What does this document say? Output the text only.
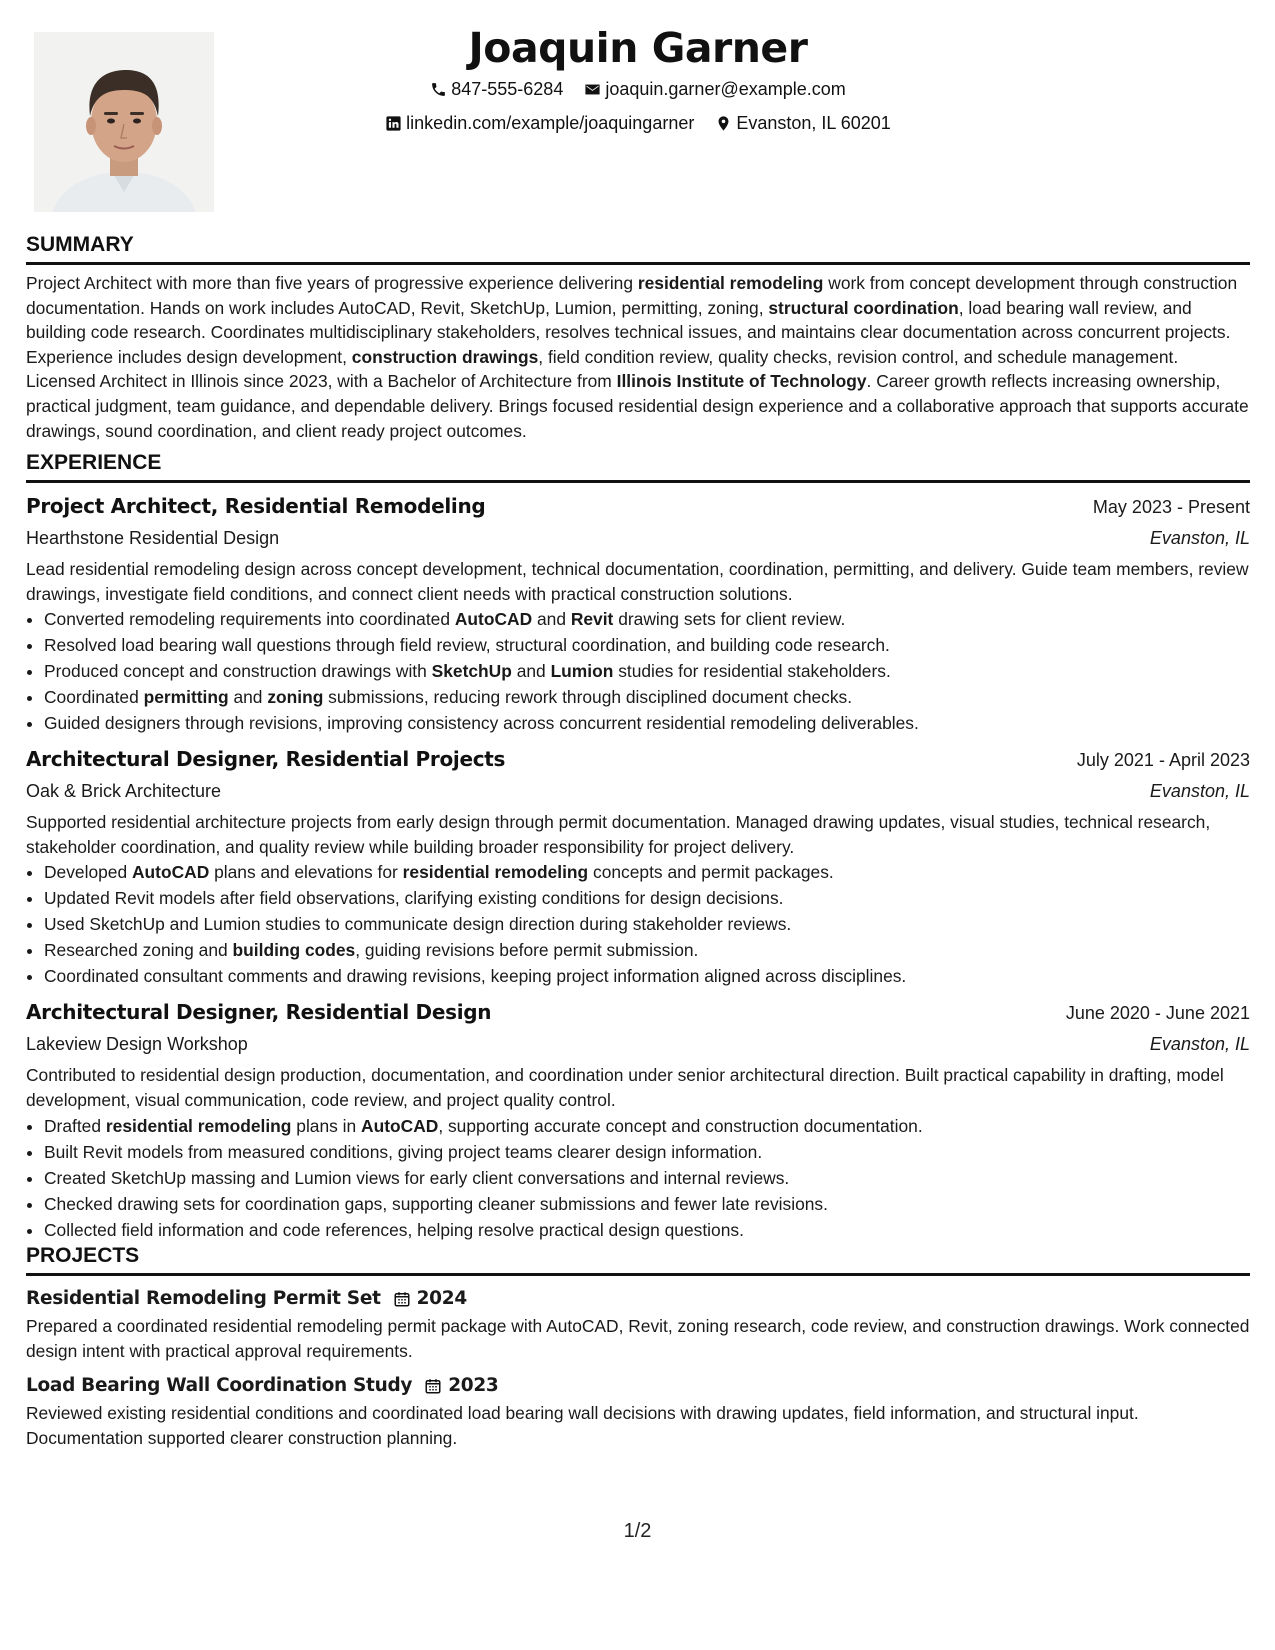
Joaquin Garner
847-555-6284
joaquin.garner@example.com
linkedin.com/example/joaquingarner
Evanston, IL 60201
SUMMARY

Project Architect with more than five years of progressive experience delivering residential remodeling work from concept development through construction documentation. Hands on work includes AutoCAD, Revit, SketchUp, Lumion, permitting, zoning, structural coordination, load bearing wall review, and building code research. Coordinates multidisciplinary stakeholders, resolves technical issues, and maintains clear documentation across concurrent projects. Experience includes design development, construction drawings, field condition review, quality checks, revision control, and schedule management. Licensed Architect in Illinois since 2023, with a Bachelor of Architecture from Illinois Institute of Technology. Career growth reflects increasing ownership, practical judgment, team guidance, and dependable delivery. Brings focused residential design experience and a collaborative approach that supports accurate drawings, sound coordination, and client ready project outcomes.

EXPERIENCE
Project Architect, Residential Remodeling	May 2023 - Present
Hearthstone Residential Design	Evanston, IL
Lead residential remodeling design across concept development, technical documentation, coordination, permitting, and delivery. Guide team members, review drawings, investigate field conditions, and connect client needs with practical construction solutions.
• Converted remodeling requirements into coordinated AutoCAD and Revit drawing sets for client review.
• Resolved load bearing wall questions through field review, structural coordination, and building code research.
• Produced concept and construction drawings with SketchUp and Lumion studies for residential stakeholders.
• Coordinated permitting and zoning submissions, reducing rework through disciplined document checks.
• Guided designers through revisions, improving consistency across concurrent residential remodeling deliverables.
Architectural Designer, Residential Projects	July 2021 - April 2023
Oak & Brick Architecture	Evanston, IL
Supported residential architecture projects from early design through permit documentation. Managed drawing updates, visual studies, technical research, stakeholder coordination, and quality review while building broader responsibility for project delivery.
• Developed AutoCAD plans and elevations for residential remodeling concepts and permit packages.
• Updated Revit models after field observations, clarifying existing conditions for design decisions.
• Used SketchUp and Lumion studies to communicate design direction during stakeholder reviews.
• Researched zoning and building codes, guiding revisions before permit submission.
• Coordinated consultant comments and drawing revisions, keeping project information aligned across disciplines.
Architectural Designer, Residential Design	June 2020 - June 2021
Lakeview Design Workshop	Evanston, IL
Contributed to residential design production, documentation, and coordination under senior architectural direction. Built practical capability in drafting, model development, visual communication, code review, and project quality control.
• Drafted residential remodeling plans in AutoCAD, supporting accurate concept and construction documentation.
• Built Revit models from measured conditions, giving project teams clearer design information.
• Created SketchUp massing and Lumion views for early client conversations and internal reviews.
• Checked drawing sets for coordination gaps, supporting cleaner submissions and fewer late revisions.
• Collected field information and code references, helping resolve practical design questions.
PROJECTS
Residential Remodeling Permit Set 2024
Prepared a coordinated residential remodeling permit package with AutoCAD, Revit, zoning research, code review, and construction drawings. Work connected design intent with practical approval requirements.
Load Bearing Wall Coordination Study 2023
Reviewed existing residential conditions and coordinated load bearing wall decisions with drawing updates, field information, and structural input. Documentation supported clearer construction planning.
1/2
